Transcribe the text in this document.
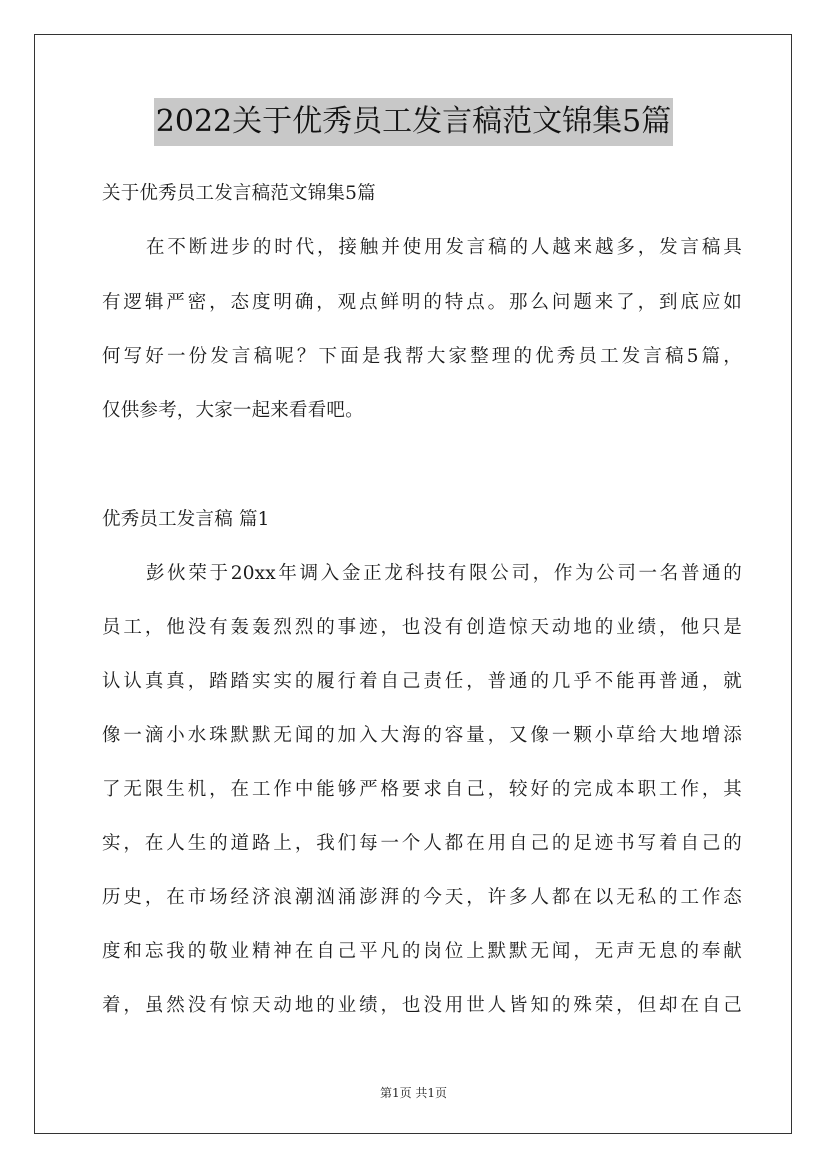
2022关于优秀员工发言稿范文锦集5篇
关于优秀员工发言稿范文锦集5篇
在不断进步的时代，接触并使用发言稿的人越来越多，发言稿具
有逻辑严密，态度明确，观点鲜明的特点。那么问题来了，到底应如
何写好一份发言稿呢？下面是我帮大家整理的优秀员工发言稿5篇，
仅供参考，大家一起来看看吧。
优秀员工发言稿 篇1
彭伙荣于20xx年调入金正龙科技有限公司，作为公司一名普通的
员工，他没有轰轰烈烈的事迹，也没有创造惊天动地的业绩，他只是
认认真真，踏踏实实的履行着自己责任，普通的几乎不能再普通，就
像一滴小水珠默默无闻的加入大海的容量，又像一颗小草给大地增添
了无限生机，在工作中能够严格要求自己，较好的完成本职工作，其
实，在人生的道路上，我们每一个人都在用自己的足迹书写着自己的
历史，在市场经济浪潮汹涌澎湃的今天，许多人都在以无私的工作态
度和忘我的敬业精神在自己平凡的岗位上默默无闻，无声无息的奉献
着，虽然没有惊天动地的业绩，也没用世人皆知的殊荣，但却在自己
第1页 共1页
